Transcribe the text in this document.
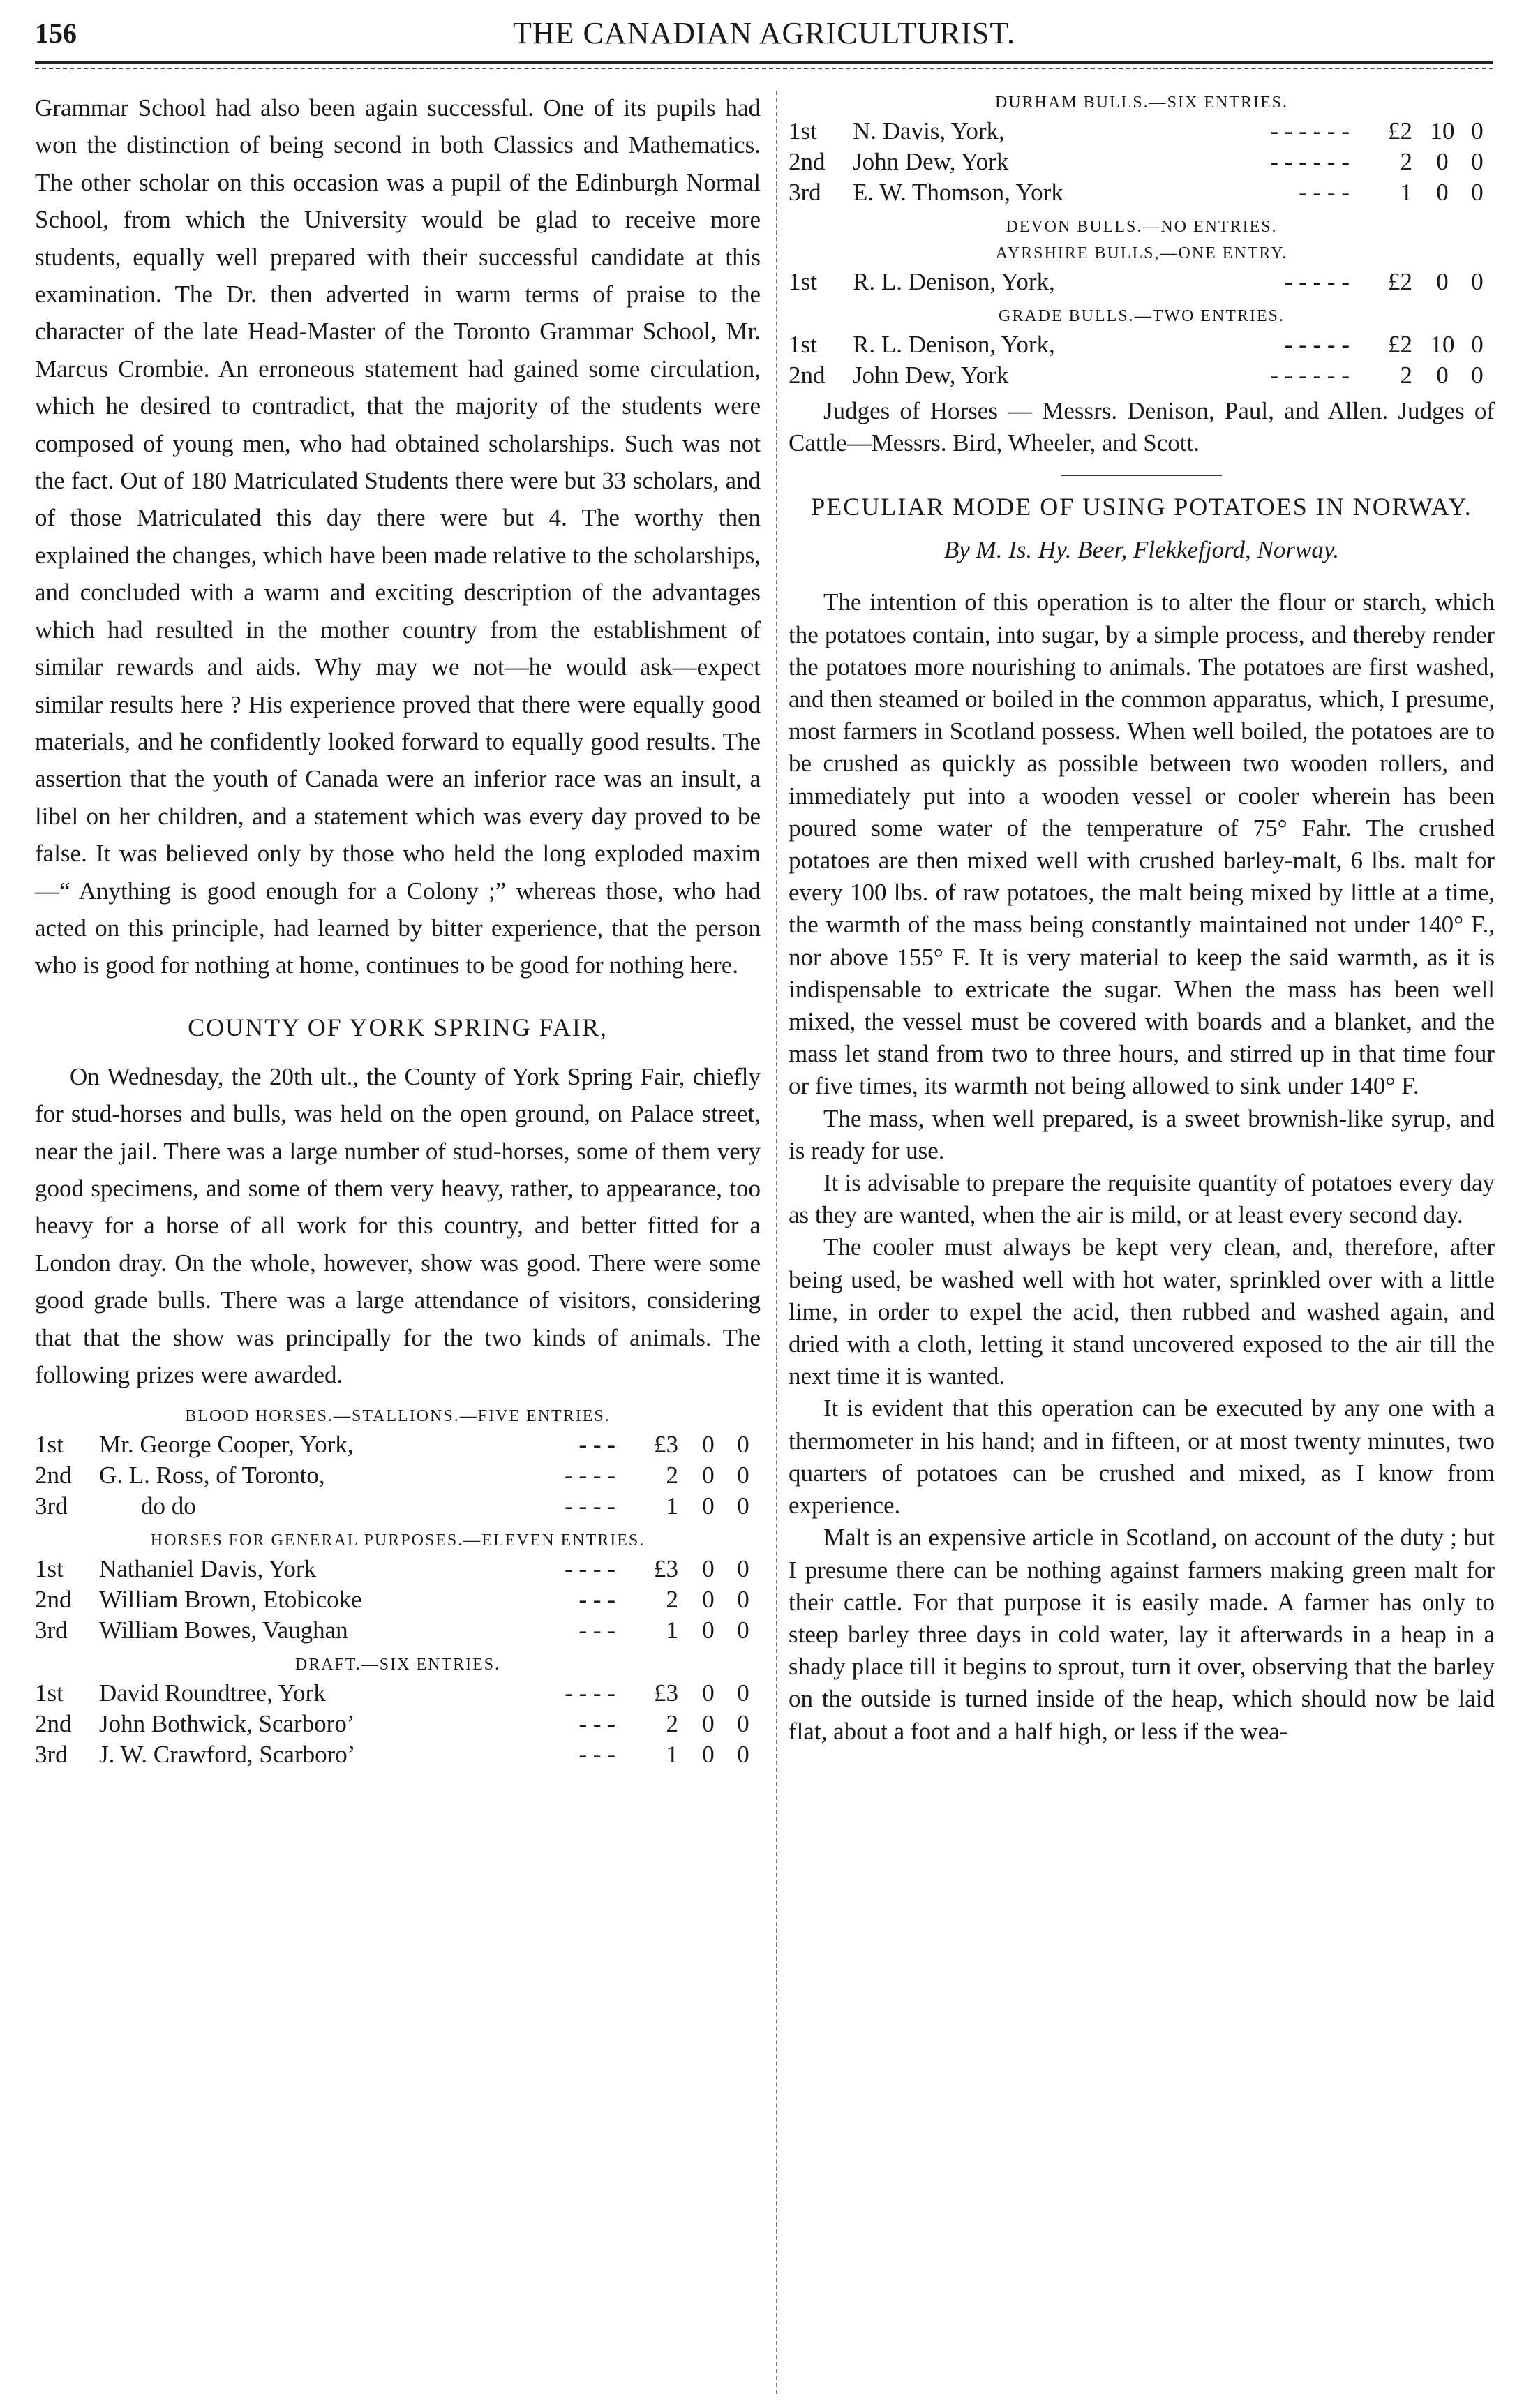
156	THE CANADIAN AGRICULTURIST.

Grammar School had also been again successful. One of its pupils had won the distinction of being second in both Classics and Mathematics. The other scholar on this occasion was a pupil of the Edinburgh Normal School, from which the University would be glad to receive more students, equally well prepared with their successful candidate at this examination. The Dr. then adverted in warm terms of praise to the character of the late Head-Master of the Toronto Grammar School, Mr. Marcus Crombie. An erroneous statement had gained some circulation, which he desired to contradict, that the majority of the students were composed of young men, who had obtained scholarships. Such was not the fact. Out of 180 Matriculated Students there were but 33 scholars, and of those Matriculated this day there were but 4. The worthy then explained the changes, which have been made relative to the scholarships, and concluded with a warm and exciting description of the advantages which had resulted in the mother country from the establishment of similar rewards and aids. Why may we not—he would ask—expect similar results here ? His experience proved that there were equally good materials, and he confidently looked forward to equally good results. The assertion that the youth of Canada were an inferior race was an insult, a libel on her children, and a statement which was every day proved to be false. It was believed only by those who held the long exploded maxim—“ Anything is good enough for a Colony ;” whereas those, who had acted on this principle, had learned by bitter experience, that the person who is good for nothing at home, continues to be good for nothing here.

COUNTY OF YORK SPRING FAIR,

On Wednesday, the 20th ult., the County of York Spring Fair, chiefly for stud-horses and bulls, was held on the open ground, on Palace street, near the jail. There was a large number of stud-horses, some of them very good specimens, and some of them very heavy, rather, to appearance, too heavy for a horse of all work for this country, and better fitted for a London dray. On the whole, however, show was good. There were some good grade bulls. There was a large attendance of visitors, considering that that the show was principally for the two kinds of animals. The following prizes were awarded.

BLOOD HORSES.—STALLIONS.—FIVE ENTRIES.
1st	Mr. George Cooper, York,	- - -	£3	0	0
2nd	G. L. Ross, of Toronto,	- - - -	2	0	0
3rd	do do	- - - -	1	0	0
HORSES FOR GENERAL PURPOSES.—ELEVEN ENTRIES.
1st	Nathaniel Davis, York	- - - -	£3	0	0
2nd	William Brown, Etobicoke	- - -	2	0	0
3rd	William Bowes, Vaughan	- - -	1	0	0
DRAFT.—SIX ENTRIES.
1st	David Roundtree, York	- - - -	£3	0	0
2nd	John Bothwick, Scarboro’	- - -	2	0	0
3rd	J. W. Crawford, Scarboro’	- - -	1	0	0
DURHAM BULLS.—SIX ENTRIES.
1st	N. Davis, York,	- - - - - -	£2	10	0
2nd	John Dew, York	- - - - - -	2	0	0
3rd	E. W. Thomson, York	- - - -	1	0	0
DEVON BULLS.—NO ENTRIES.
AYRSHIRE BULLS,—ONE ENTRY.
1st	R. L. Denison, York,	- - - - -	£2	0	0
GRADE BULLS.—TWO ENTRIES.
1st	R. L. Denison, York,	- - - - -	£2	10	0
2nd	John Dew, York	- - - - - -	2	0	0

Judges of Horses — Messrs. Denison, Paul, and Allen. Judges of Cattle—Messrs. Bird, Wheeler, and Scott.

PECULIAR MODE OF USING POTATOES IN NORWAY.
By M. Is. Hy. Beer, Flekkefjord, Norway.

The intention of this operation is to alter the flour or starch, which the potatoes contain, into sugar, by a simple process, and thereby render the potatoes more nourishing to animals. The potatoes are first washed, and then steamed or boiled in the common apparatus, which, I presume, most farmers in Scotland possess. When well boiled, the potatoes are to be crushed as quickly as possible between two wooden rollers, and immediately put into a wooden vessel or cooler wherein has been poured some water of the temperature of 75° Fahr. The crushed potatoes are then mixed well with crushed barley-malt, 6 lbs. malt for every 100 lbs. of raw potatoes, the malt being mixed by little at a time, the warmth of the mass being constantly maintained not under 140° F., nor above 155° F. It is very material to keep the said warmth, as it is indispensable to extricate the sugar. When the mass has been well mixed, the vessel must be covered with boards and a blanket, and the mass let stand from two to three hours, and stirred up in that time four or five times, its warmth not being allowed to sink under 140° F.

The mass, when well prepared, is a sweet brownish-like syrup, and is ready for use.

It is advisable to prepare the requisite quantity of potatoes every day as they are wanted, when the air is mild, or at least every second day.

The cooler must always be kept very clean, and, therefore, after being used, be washed well with hot water, sprinkled over with a little lime, in order to expel the acid, then rubbed and washed again, and dried with a cloth, letting it stand uncovered exposed to the air till the next time it is wanted.

It is evident that this operation can be executed by any one with a thermometer in his hand; and in fifteen, or at most twenty minutes, two quarters of potatoes can be crushed and mixed, as I know from experience.

Malt is an expensive article in Scotland, on account of the duty ; but I presume there can be nothing against farmers making green malt for their cattle. For that purpose it is easily made. A farmer has only to steep barley three days in cold water, lay it afterwards in a heap in a shady place till it begins to sprout, turn it over, observing that the barley on the outside is turned inside of the heap, which should now be laid flat, about a foot and a half high, or less if the wea-
